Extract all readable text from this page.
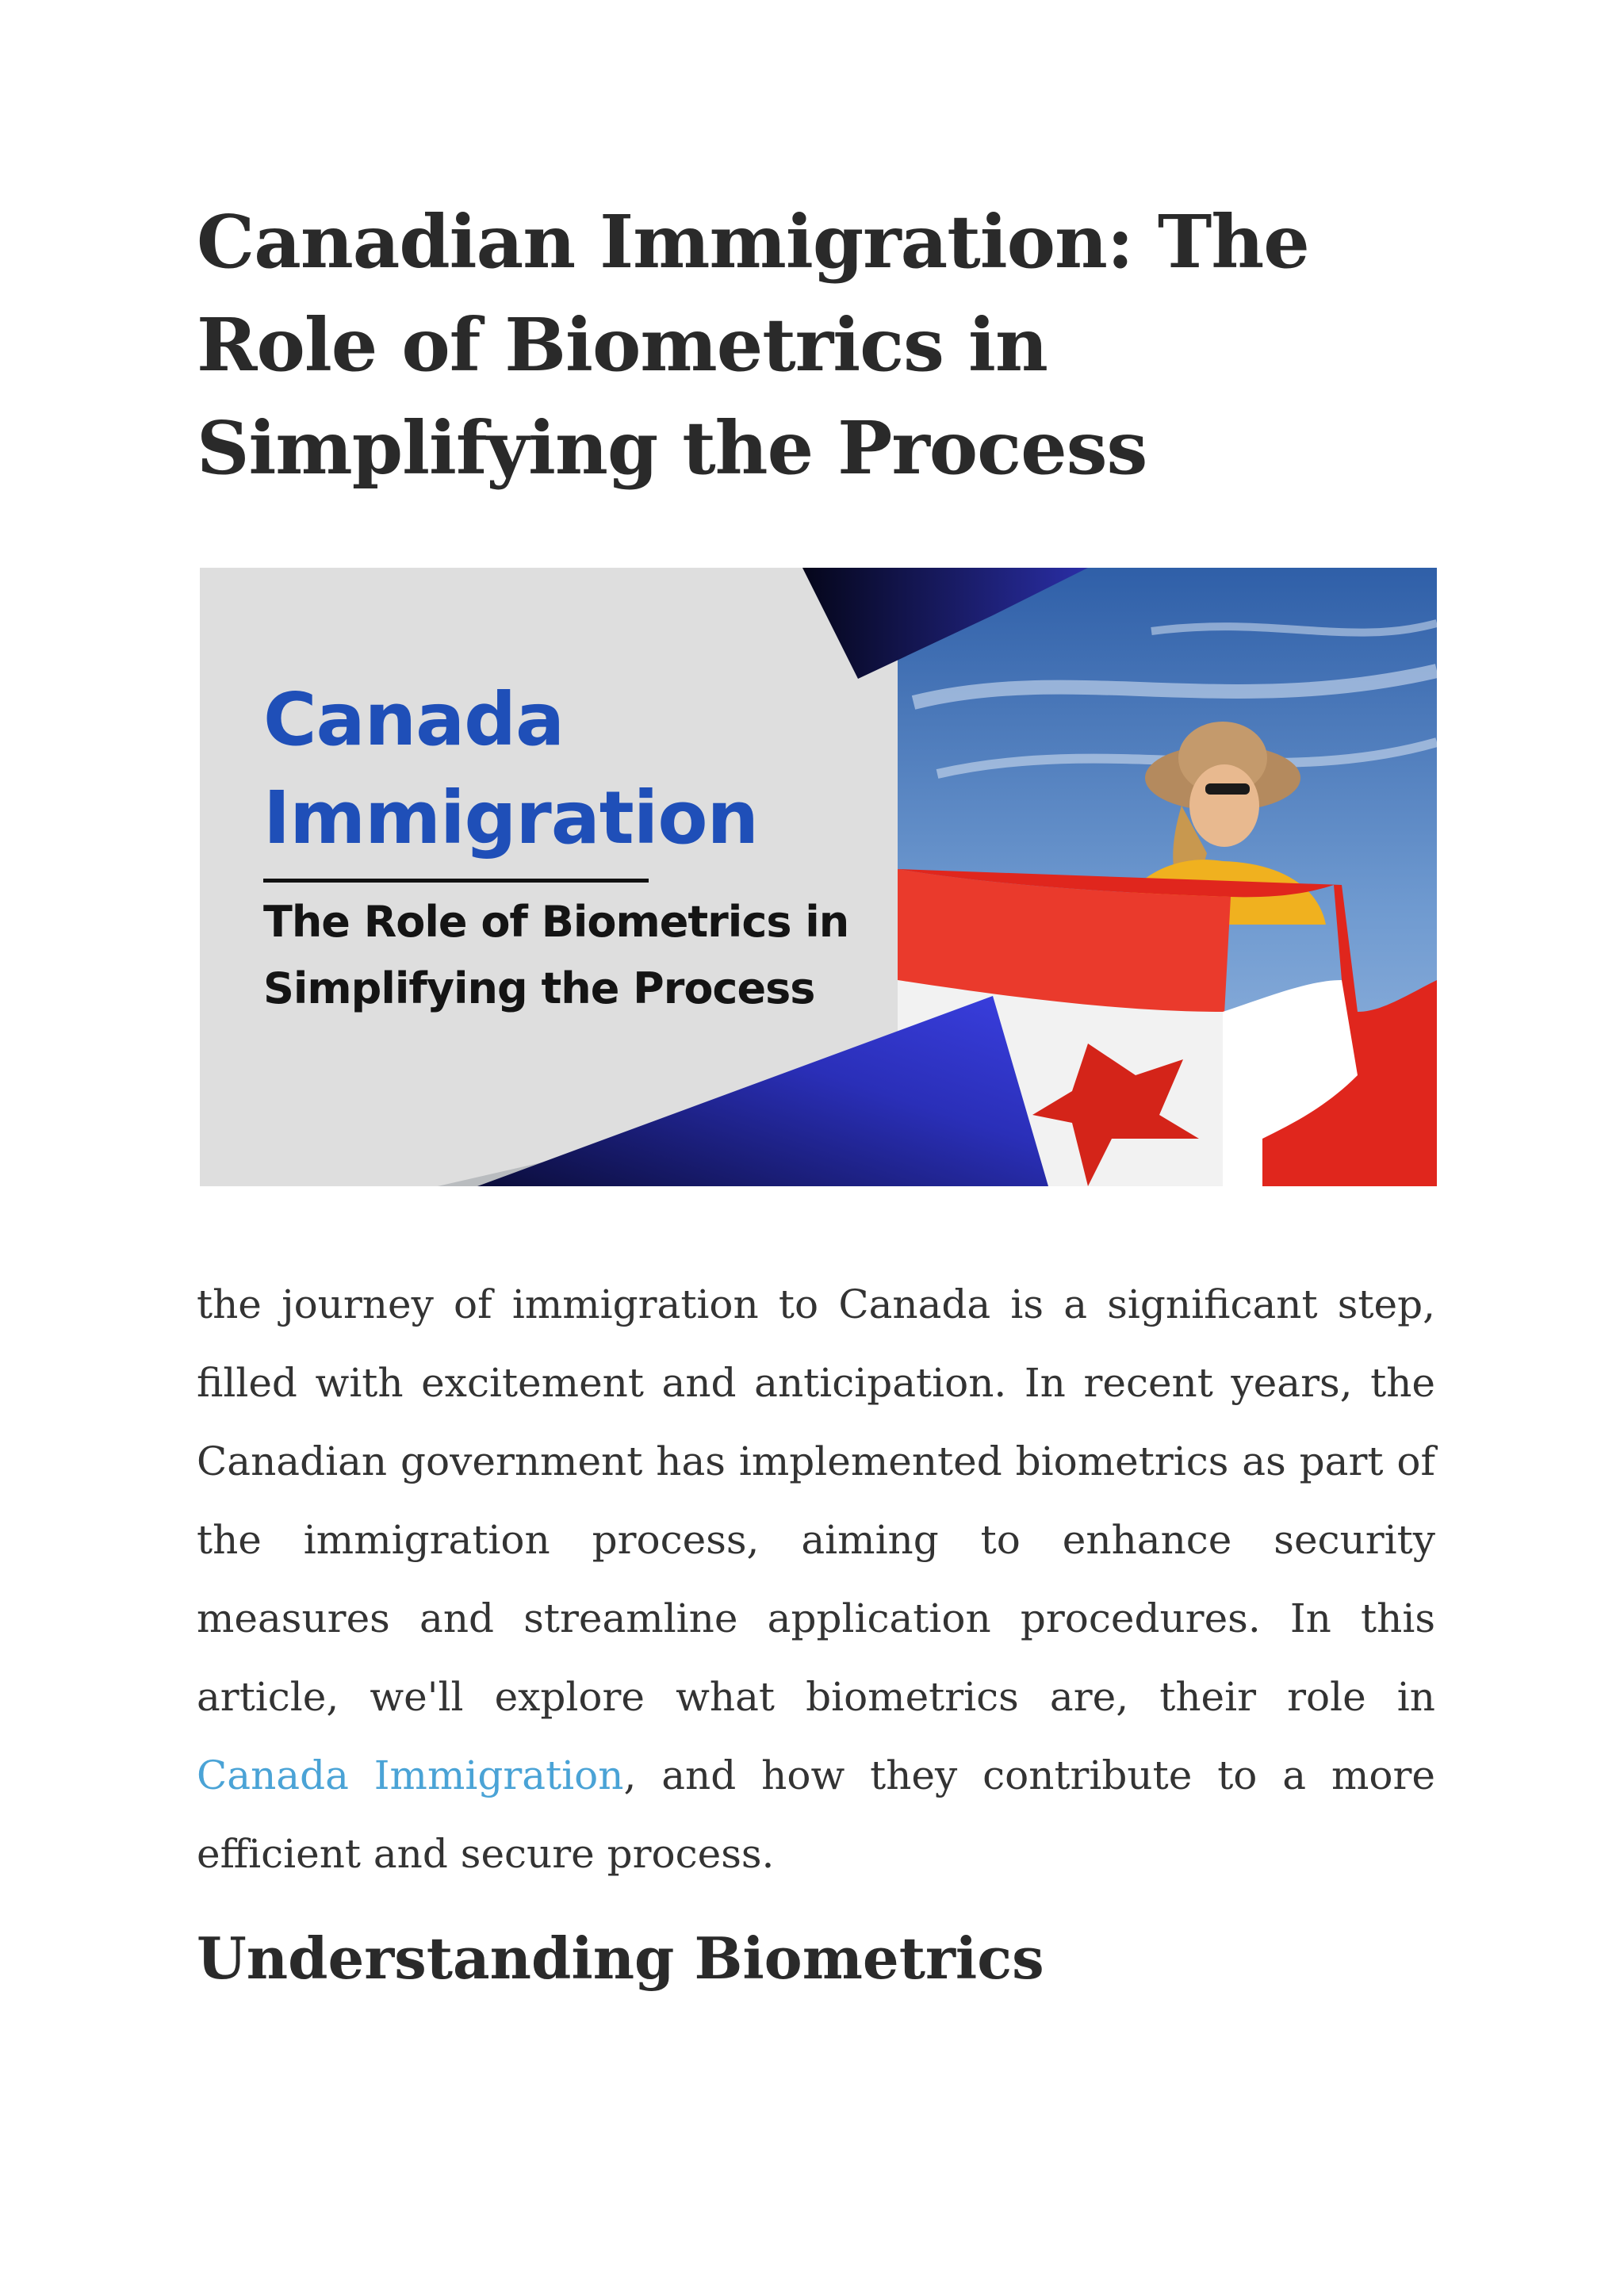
Canadian Immigration: The Role of Biometrics in Simplifying the Process
Canada
Immigration
The Role of Biometrics in
Simplifying the Process

the journey of immigration to Canada is a significant step, filled with excitement and anticipation. In recent years, the Canadian government has implemented biometrics as part of the immigration process, aiming to enhance security measures and streamline application procedures. In this article, we'll explore what biometrics are, their role in Canada Immigration, and how they contribute to a more efficient and secure process.

Understanding Biometrics
